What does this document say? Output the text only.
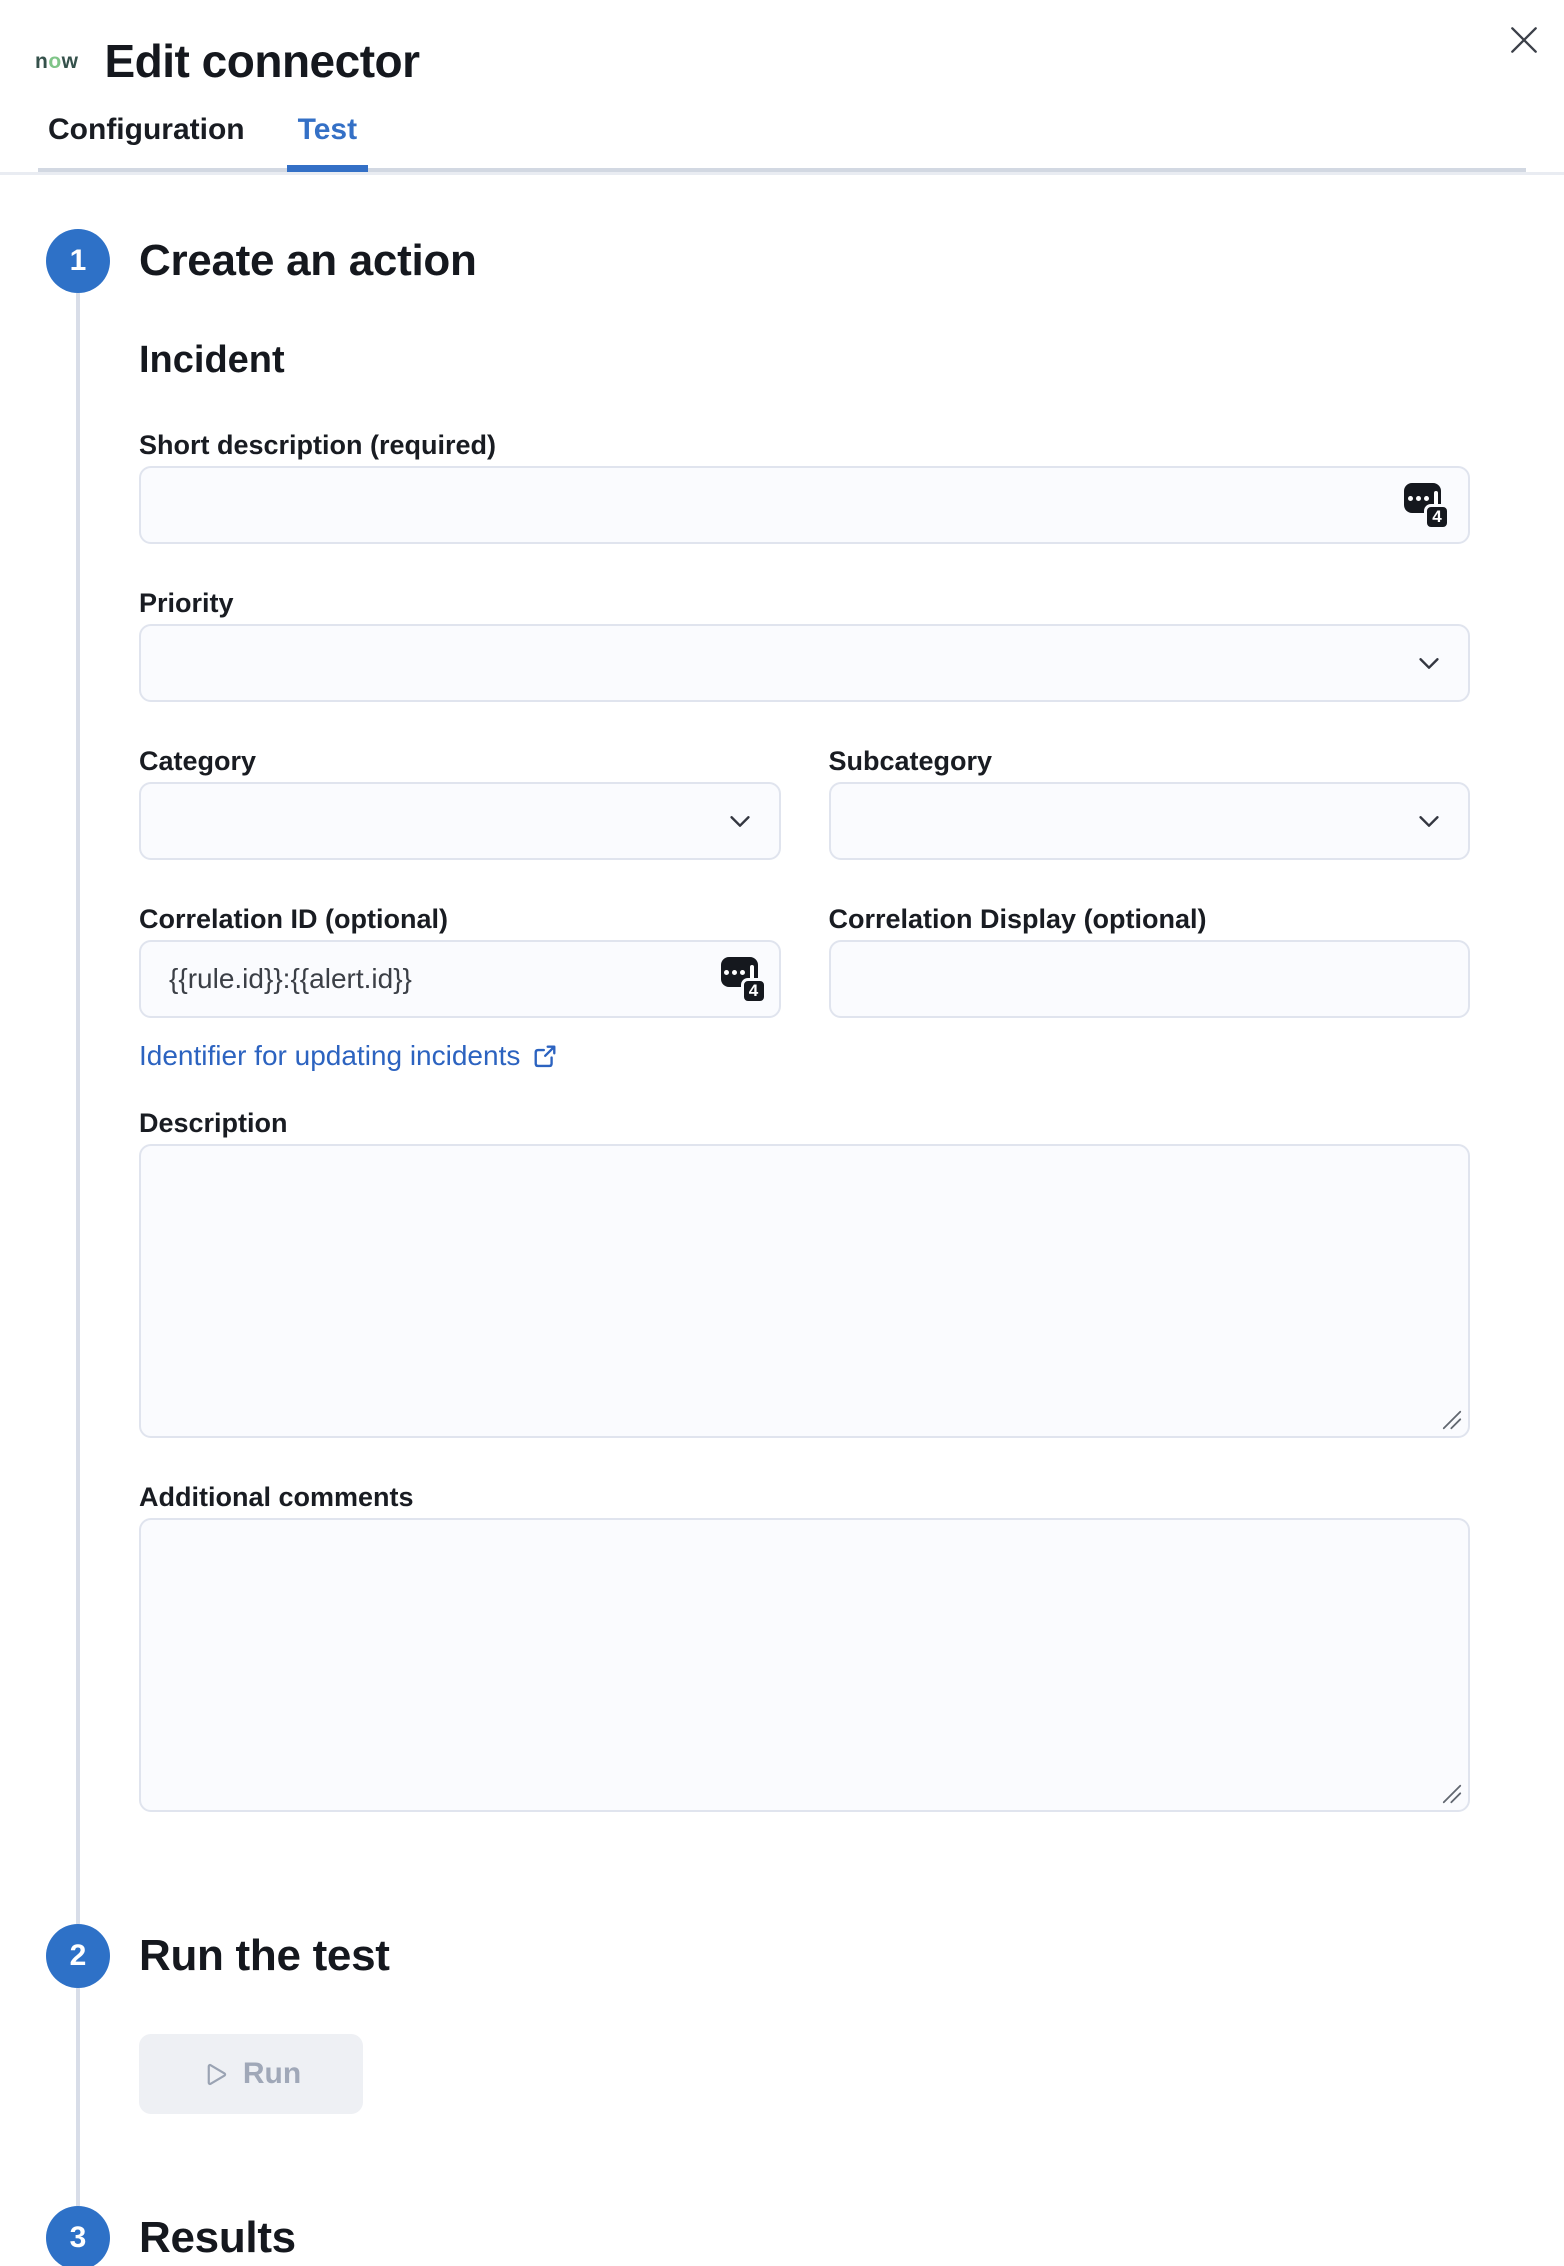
now Edit connector
Configuration	Test
1	Create an action
Incident
Short description (required)
4
Priority
Category	Subcategory
Correlation ID (optional)
{{rule.id}}:{{alert.id}}
4
Identifier for updating incidents
Correlation Display (optional)
Description
Additional comments
2	Run the test
Run
3	Results
